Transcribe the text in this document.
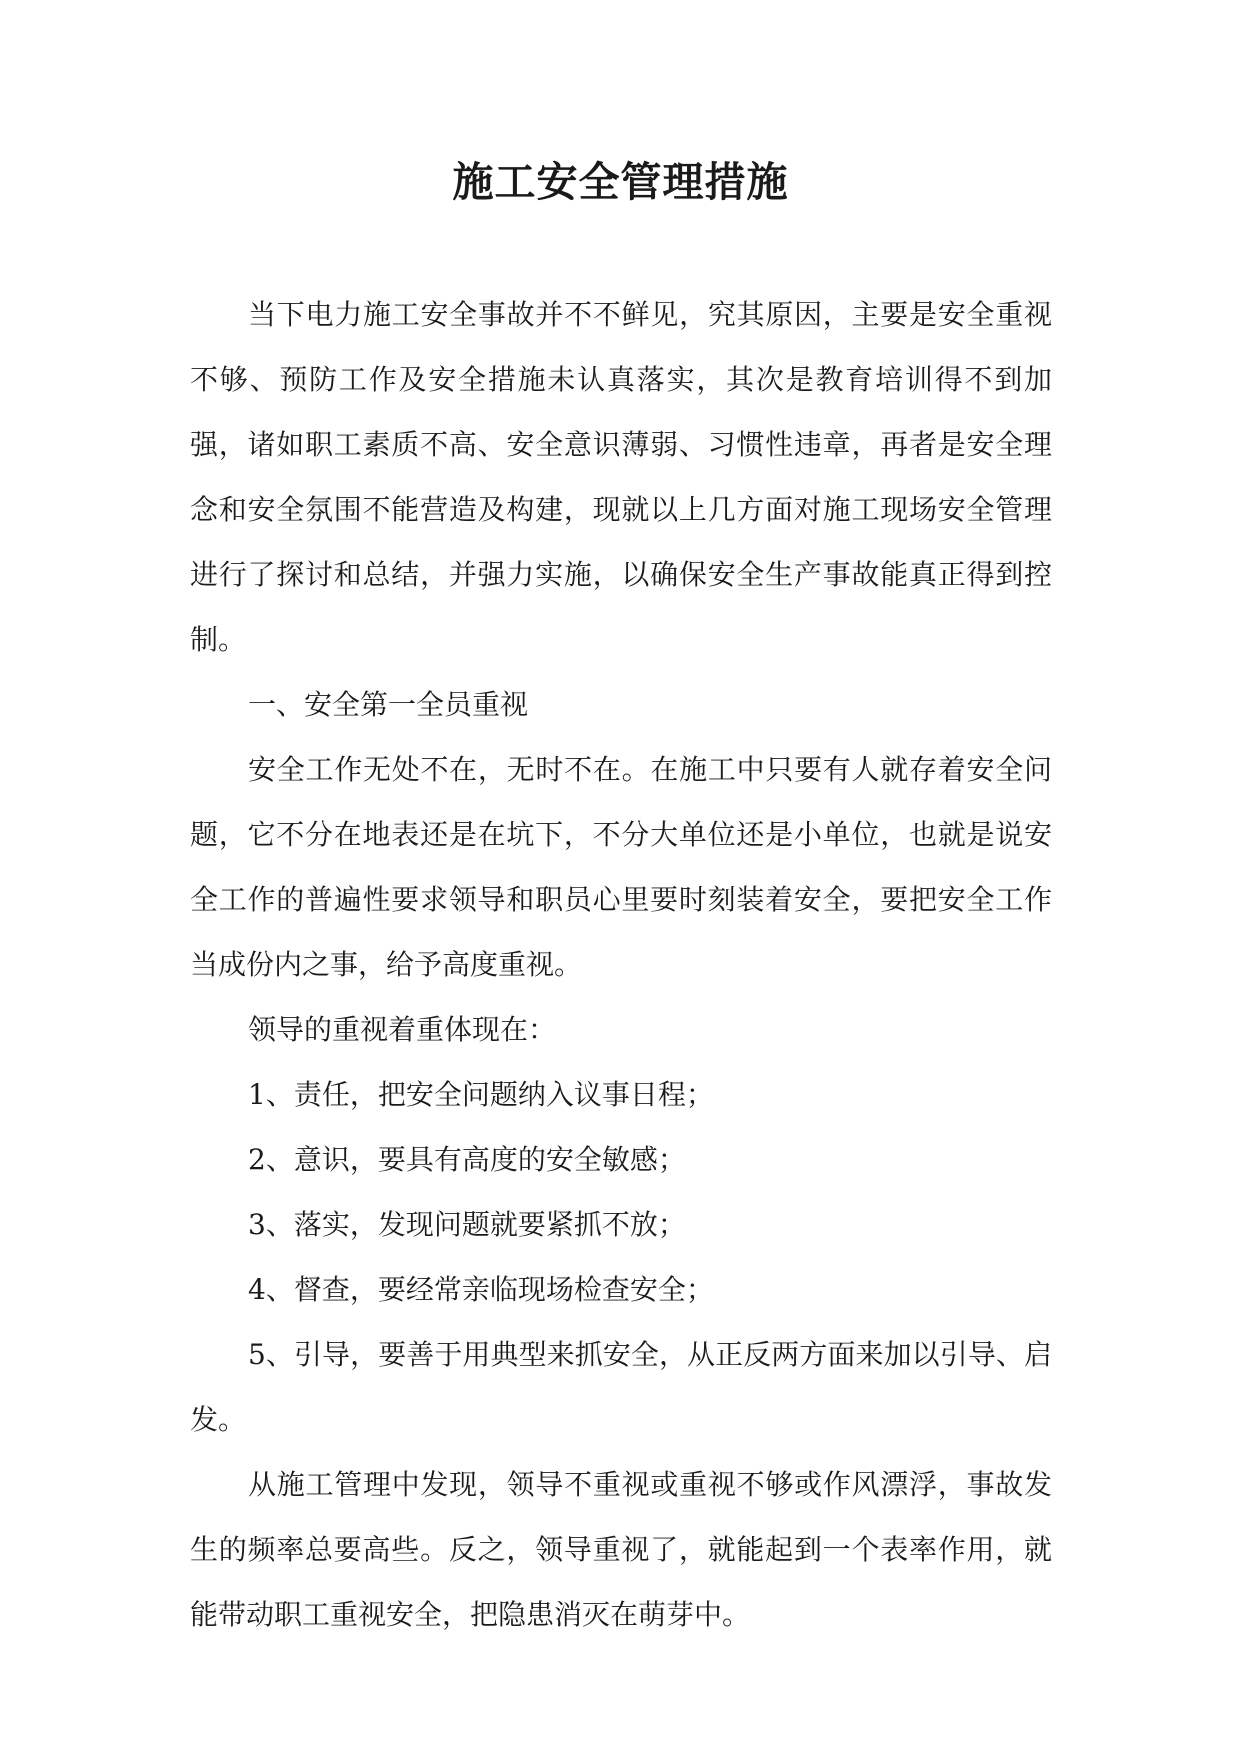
施工安全管理措施

当下电力施工安全事故并不不鲜见，究其原因，主要是安全重视不够、预防工作及安全措施未认真落实，其次是教育培训得不到加强，诸如职工素质不高、安全意识薄弱、习惯性违章，再者是安全理念和安全氛围不能营造及构建，现就以上几方面对施工现场安全管理进行了探讨和总结，并强力实施，以确保安全生产事故能真正得到控制。

一、安全第一全员重视

安全工作无处不在，无时不在。在施工中只要有人就存着安全问题，它不分在地表还是在坑下，不分大单位还是小单位，也就是说安全工作的普遍性要求领导和职员心里要时刻装着安全，要把安全工作当成份内之事，给予高度重视。

领导的重视着重体现在：

1、责任，把安全问题纳入议事日程；

2、意识，要具有高度的安全敏感；

3、落实，发现问题就要紧抓不放；

4、督查，要经常亲临现场检查安全；

5、引导，要善于用典型来抓安全，从正反两方面来加以引导、启发。

从施工管理中发现，领导不重视或重视不够或作风漂浮，事故发生的频率总要高些。反之，领导重视了，就能起到一个表率作用，就能带动职工重视安全，把隐患消灭在萌芽中。
